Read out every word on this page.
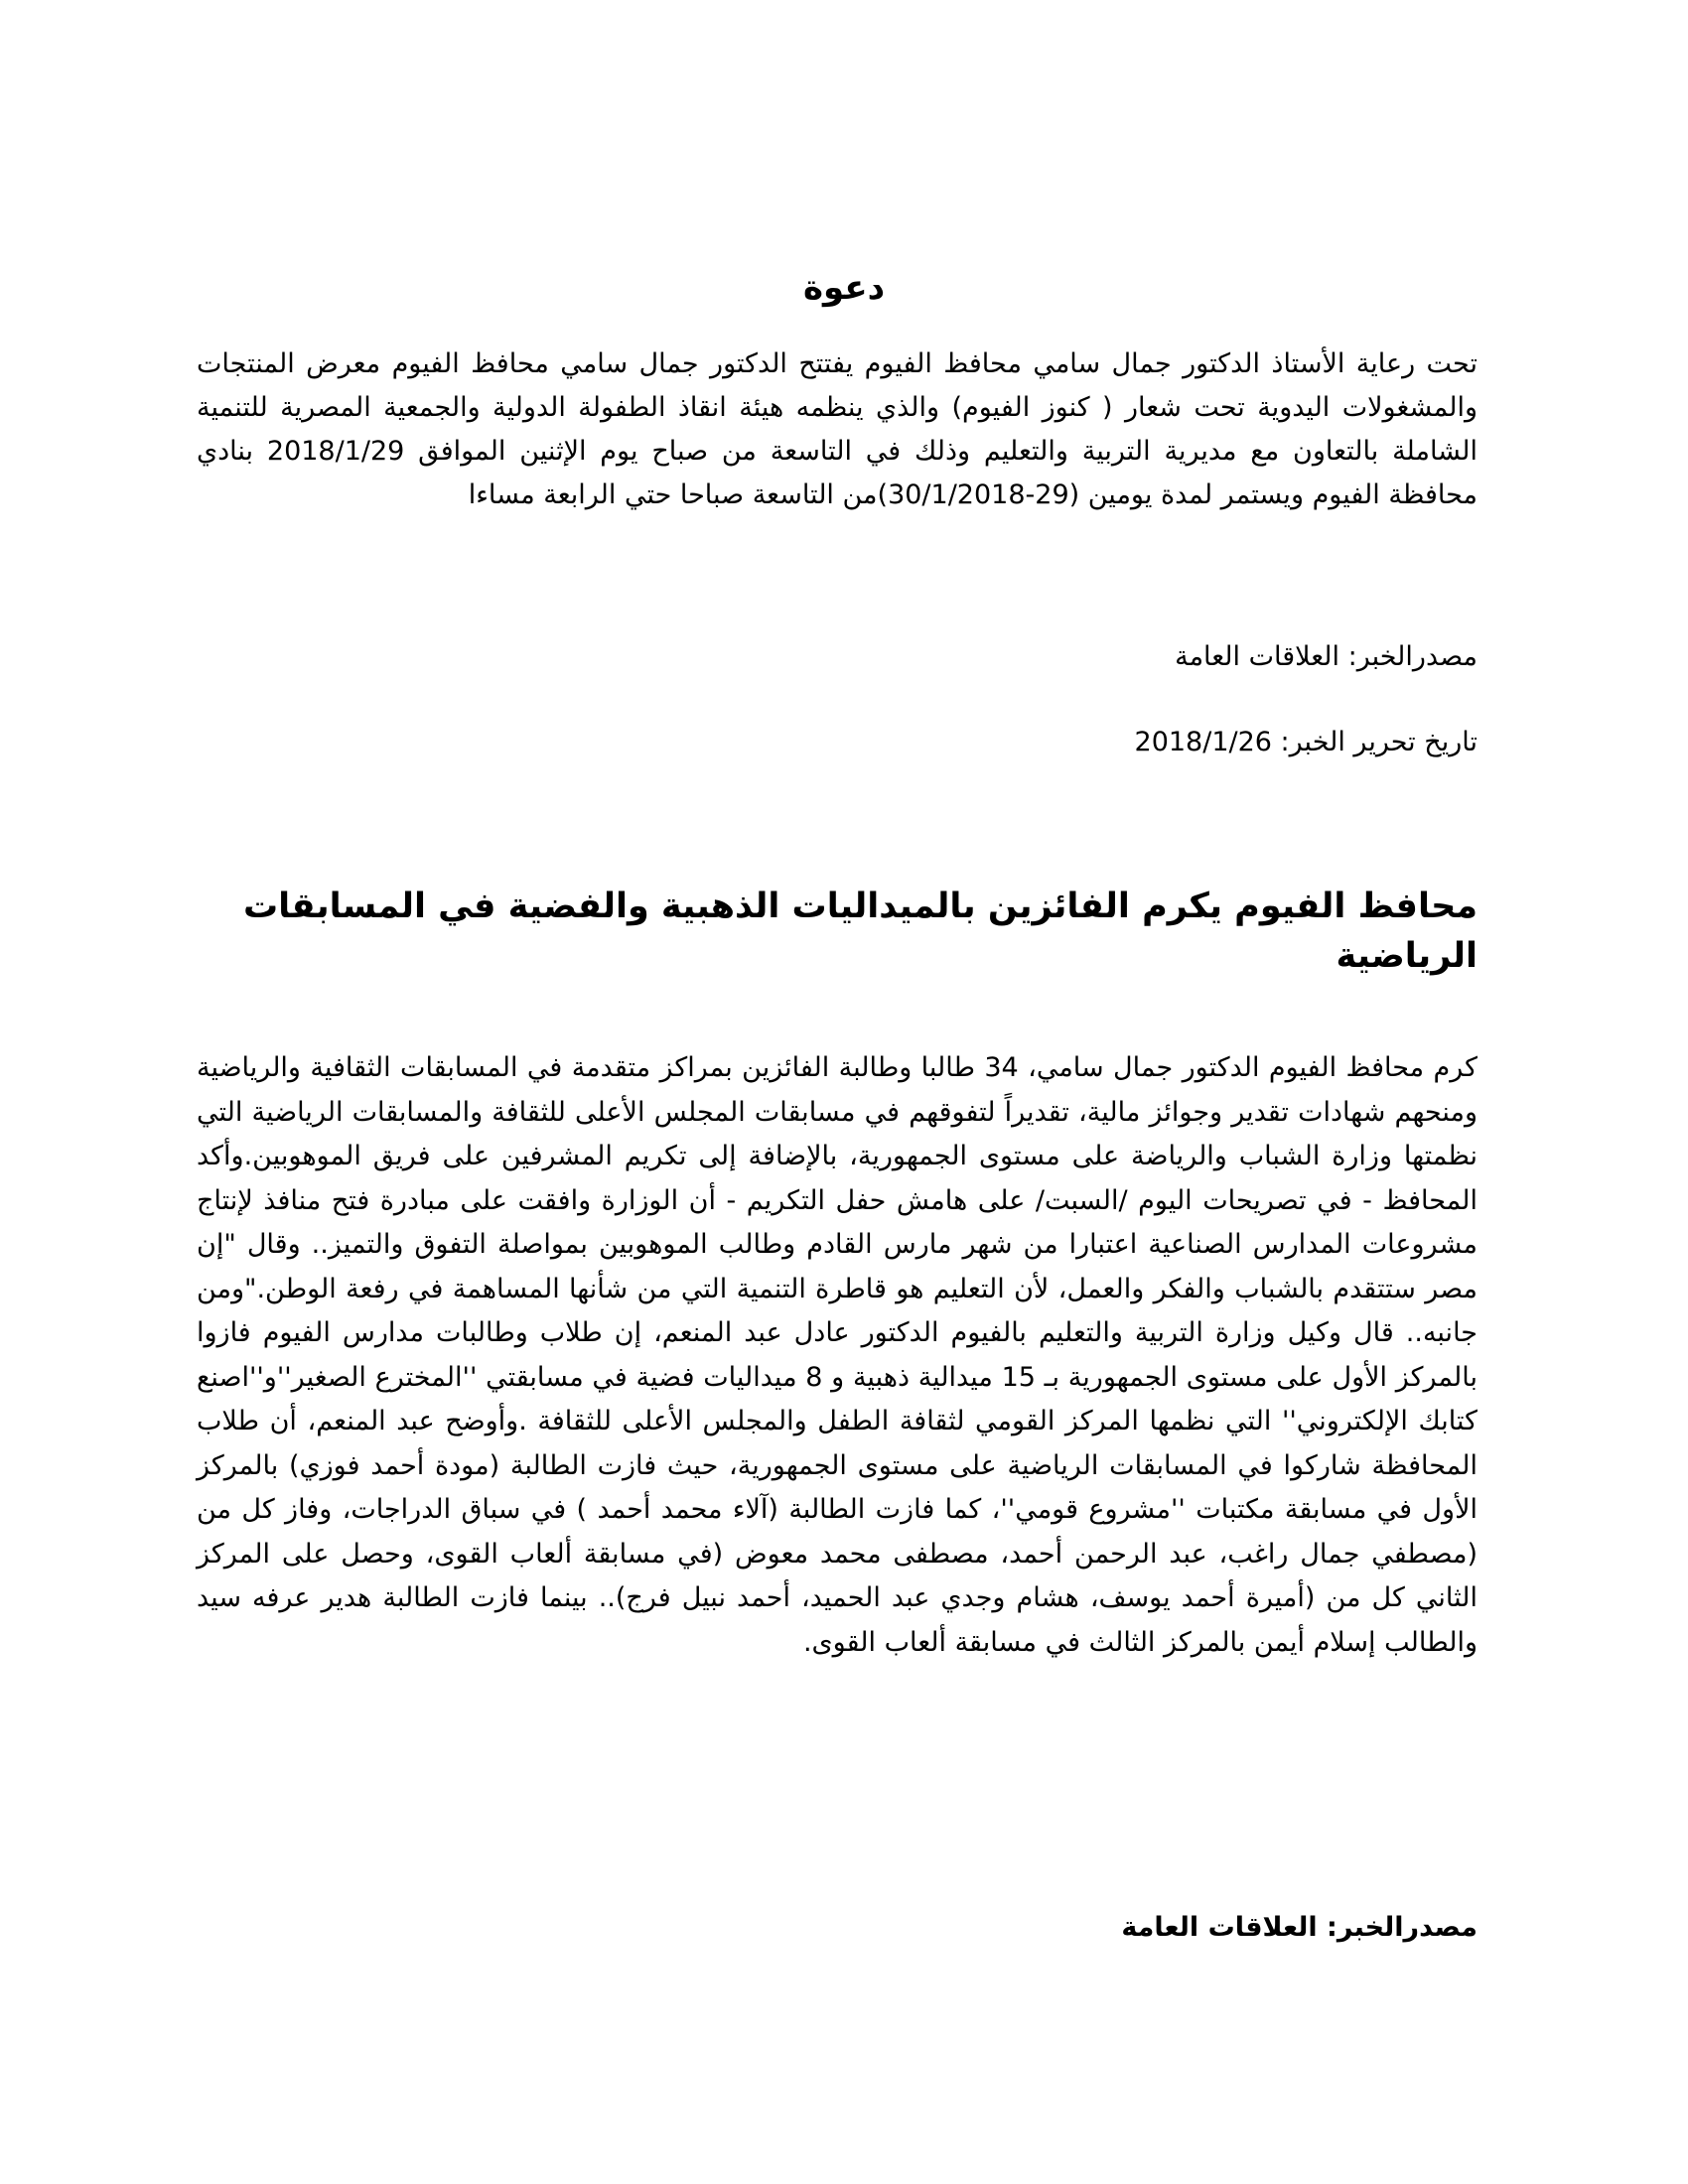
دعوة
تحت رعاية الأستاذ الدكتور جمال سامي محافظ الفيوم يفتتح الدكتور جمال سامي محافظ الفيوم معرض المنتجات والمشغولات اليدوية تحت شعار ( كنوز الفيوم) والذي ينظمه هيئة انقاذ الطفولة الدولية والجمعية المصرية للتنمية الشاملة بالتعاون مع مديرية التربية والتعليم وذلك في التاسعة من صباح يوم الإثنين الموافق 2018/1/29 بنادي محافظة الفيوم ويستمر لمدة يومين (29-30/1/2018)من التاسعة صباحا حتي الرابعة مساءا
مصدرالخبر: العلاقات العامة
تاريخ تحرير الخبر: 2018/1/26
محافظ الفيوم يكرم الفائزين بالميداليات الذهبية والفضية في المسابقات الرياضية
كرم محافظ الفيوم الدكتور جمال سامي، 34 طالبا وطالبة الفائزين بمراكز متقدمة في المسابقات الثقافية والرياضية ومنحهم شهادات تقدير وجوائز مالية، تقديراً لتفوقهم في مسابقات المجلس الأعلى للثقافة والمسابقات الرياضية التي نظمتها وزارة الشباب والرياضة على مستوى الجمهورية، بالإضافة إلى تكريم المشرفين على فريق الموهوبين.وأكد المحافظ - في تصريحات اليوم /السبت/ على هامش حفل التكريم - أن الوزارة وافقت على مبادرة فتح منافذ لإنتاج مشروعات المدارس الصناعية اعتبارا من شهر مارس القادم وطالب الموهوبين بمواصلة التفوق والتميز.. وقال "إن مصر ستتقدم بالشباب والفكر والعمل، لأن التعليم هو قاطرة التنمية التي من شأنها المساهمة في رفعة الوطن."ومن جانبه.. قال وكيل وزارة التربية والتعليم بالفيوم الدكتور عادل عبد المنعم، إن طلاب وطالبات مدارس الفيوم فازوا بالمركز الأول على مستوى الجمهورية بـ 15 ميدالية ذهبية و 8 ميداليات فضية في مسابقتي ''المخترع الصغير''و''اصنع كتابك الإلكتروني'' التي نظمها المركز القومي لثقافة الطفل والمجلس الأعلى للثقافة .وأوضح عبد المنعم، أن طلاب المحافظة شاركوا في المسابقات الرياضية على مستوى الجمهورية، حيث فازت الطالبة (مودة أحمد فوزي) بالمركز الأول في مسابقة مكتبات ''مشروع قومي''، كما فازت الطالبة (آلاء محمد أحمد ) في سباق الدراجات، وفاز كل من (مصطفي جمال راغب، عبد الرحمن أحمد، مصطفى محمد معوض (في مسابقة ألعاب القوى، وحصل على المركز الثاني كل من (أميرة أحمد يوسف، هشام وجدي عبد الحميد، أحمد نبيل فرج).. بينما فازت الطالبة هدير عرفه سيد والطالب إسلام أيمن بالمركز الثالث في مسابقة ألعاب القوى.
مصدرالخبر: العلاقات العامة
